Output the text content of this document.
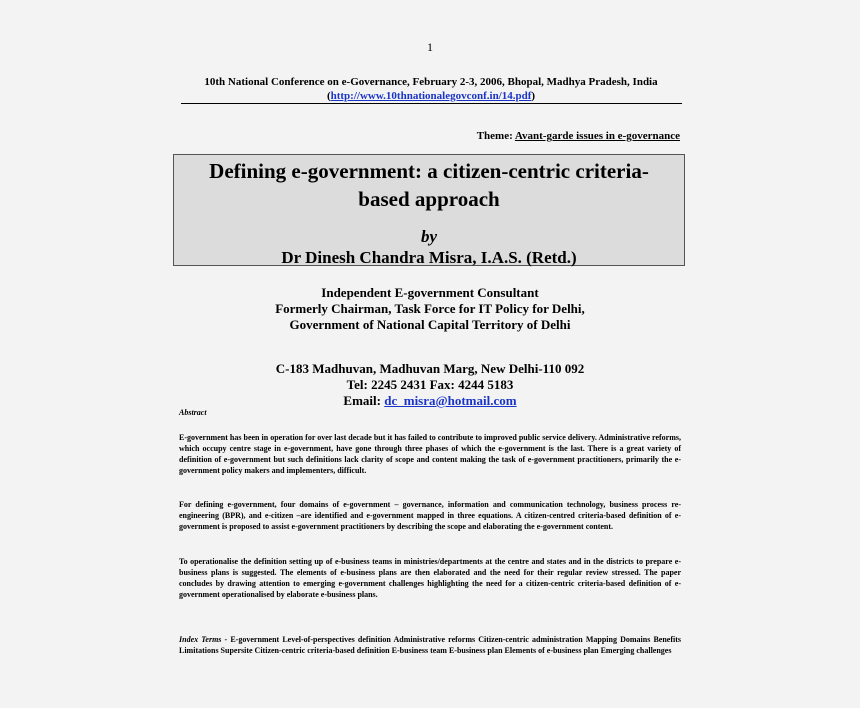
1
10th National Conference on e-Governance, February 2-3, 2006, Bhopal, Madhya Pradesh, India
(http://www.10thnationalegovconf.in/14.pdf)
Theme: Avant-garde issues in e-governance
Defining e-government: a citizen-centric criteria-
based approach
by
Dr Dinesh Chandra Misra, I.A.S. (Retd.)
Independent E-government Consultant
Formerly Chairman, Task Force for IT Policy for Delhi,
Government of National Capital Territory of Delhi
C-183 Madhuvan, Madhuvan Marg, New Delhi-110 092
Tel: 2245 2431 Fax: 4244 5183
Email: dc_misra@hotmail.com
Abstract
E-government has been in operation for over last decade but it has failed to contribute to improved public service delivery. Administrative reforms, which occupy centre stage in e-government, have gone through three phases of which the e-government is the last. There is a great variety of definition of e-government but such definitions lack clarity of scope and content making the task of e-government practitioners, primarily the e-government policy makers and implementers, difficult.
For defining e-government, four domains of e-government – governance, information and communication technology, business process re-engineering (BPR), and e-citizen –are identified and e-government mapped in three equations. A citizen-centred criteria-based definition of e-government is proposed to assist e-government practitioners by describing the scope and elaborating the e-government content.
To operationalise the definition setting up of e-business teams in ministries/departments at the centre and states and in the districts to prepare e-business plans is suggested. The elements of e-business plans are then elaborated and the need for their regular review stressed. The paper concludes by drawing attention to emerging e-government challenges highlighting the need for a citizen-centric criteria-based definition of e-government operationalised by elaborate e-business plans.
Index Terms - E-government Level-of-perspectives definition Administrative reforms Citizen-centric administration Mapping Domains Benefits Limitations Supersite Citizen-centric criteria-based definition E-business team E-business plan Elements of e-business plan Emerging challenges
